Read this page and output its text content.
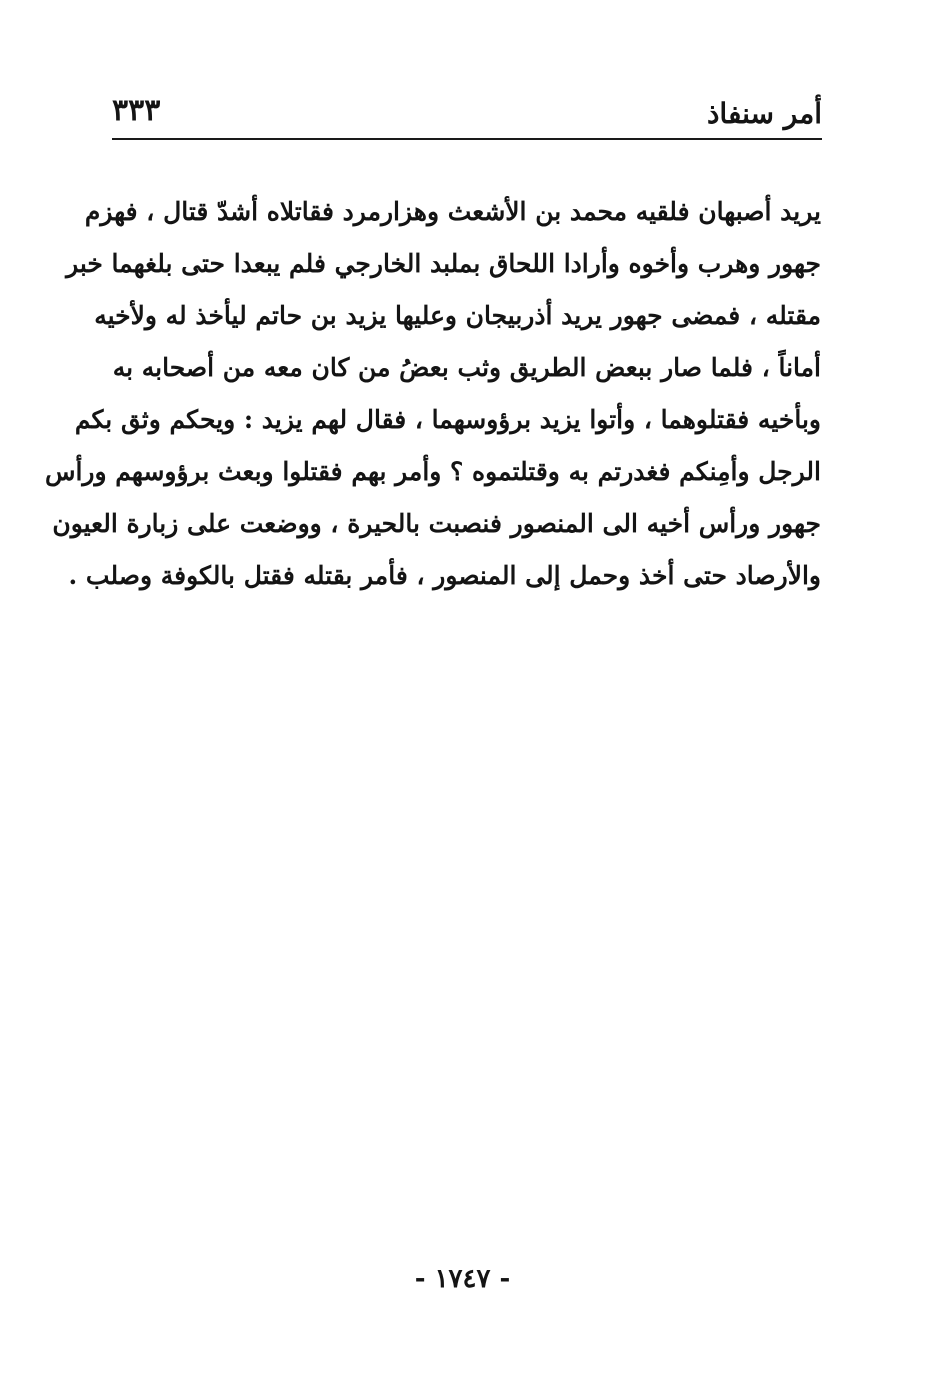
أمر سنفاذ
٣٣٣
يريد أصبهان فلقيه محمد بن الأشعث وهزارمرد فقاتلاه أشدّ قتال ، فهزم
جهور وهرب وأخوه وأرادا اللحاق بملبد الخارجي فلم يبعدا حتى بلغهما خبر
مقتله ، فمضى جهور يريد أذربيجان وعليها يزيد بن حاتم ليأخذ له ولأخيه
أماناً ، فلما صار ببعض الطريق وثب بعضُ من كان معه من أصحابه به
وبأخيه فقتلوهما ، وأتوا يزيد برؤوسهما ، فقال لهم يزيد : ويحكم وثق بكم
الرجل وأمِنكم فغدرتم به وقتلتموه ؟ وأمر بهم فقتلوا وبعث برؤوسهم ورأس
جهور ورأس أخيه الى المنصور فنصبت بالحيرة ، ووضعت على زبارة العيون
والأرصاد حتى أخذ وحمل إلى المنصور ، فأمر بقتله فقتل بالكوفة وصلب .
- ١٧٤٧ -
